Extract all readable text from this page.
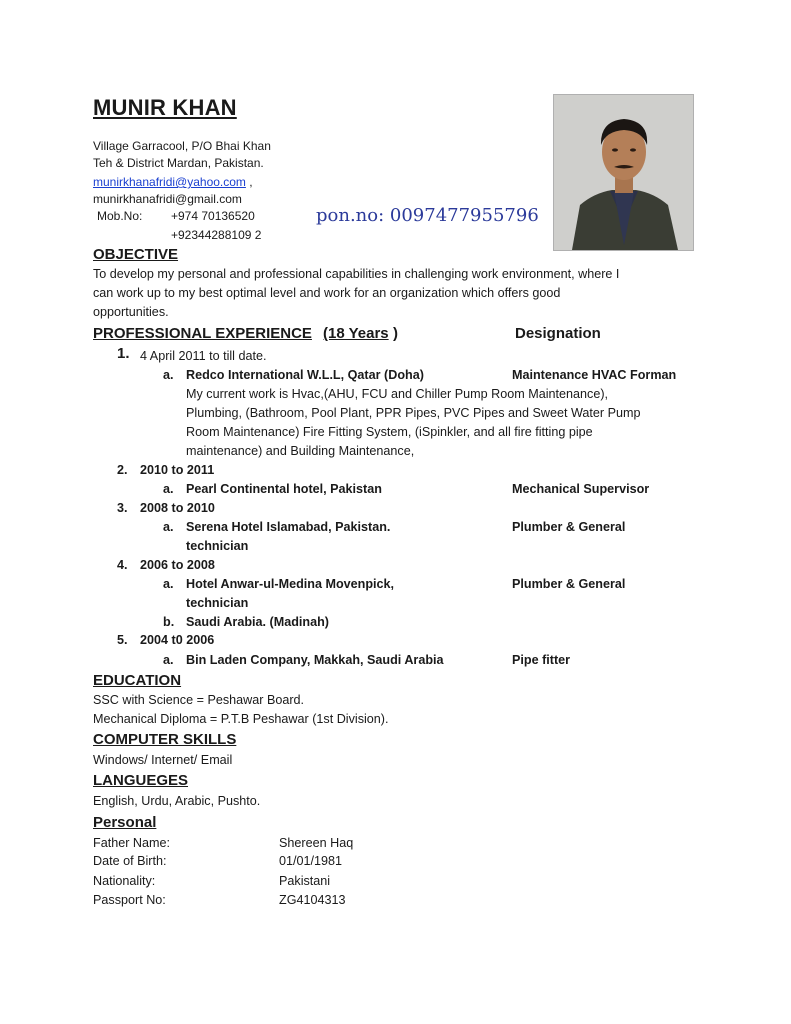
MUNIR KHAN
Village Garracool, P/O Bhai Khan
Teh & District Mardan, Pakistan.
munirkhanafridi@yahoo.com ,
munirkhanafridi@gmail.com
Mob.No: +974 70136520
+92344288109 2
pon.no: 0097477955796
OBJECTIVE
To develop my personal and professional capabilities in challenging work environment, where I
can work up to my best optimal level and work for an organization which offers good
opportunities.
PROFESSIONAL EXPERIENCE (18 Years )	Designation
1. 4 April 2011 to till date.
a. Redco International W.L.L, Qatar (Doha)	Maintenance HVAC Forman
My current work is Hvac,(AHU, FCU and Chiller Pump Room Maintenance),
Plumbing, (Bathroom, Pool Plant, PPR Pipes, PVC Pipes and Sweet Water Pump
Room Maintenance) Fire Fitting System, (iSpinkler, and all fire fitting pipe
maintenance) and Building Maintenance,
2. 2010 to 2011
a. Pearl Continental hotel, Pakistan	Mechanical Supervisor
3. 2008 to 2010
a. Serena Hotel Islamabad, Pakistan.	Plumber & General
technician
4. 2006 to 2008
a. Hotel Anwar-ul-Medina Movenpick,	Plumber & General
technician
b. Saudi Arabia. (Madinah)
5. 2004 t0 2006
a. Bin Laden Company, Makkah, Saudi Arabia	Pipe fitter
EDUCATION
SSC with Science = Peshawar Board.
Mechanical Diploma = P.T.B Peshawar (1st Division).
COMPUTER SKILLS
Windows/ Internet/ Email
LANGUEGES
English, Urdu, Arabic, Pushto.
Personal
Father Name:	Shereen Haq
Date of Birth:	01/01/1981
Nationality:	Pakistani
Passport No:	ZG4104313
